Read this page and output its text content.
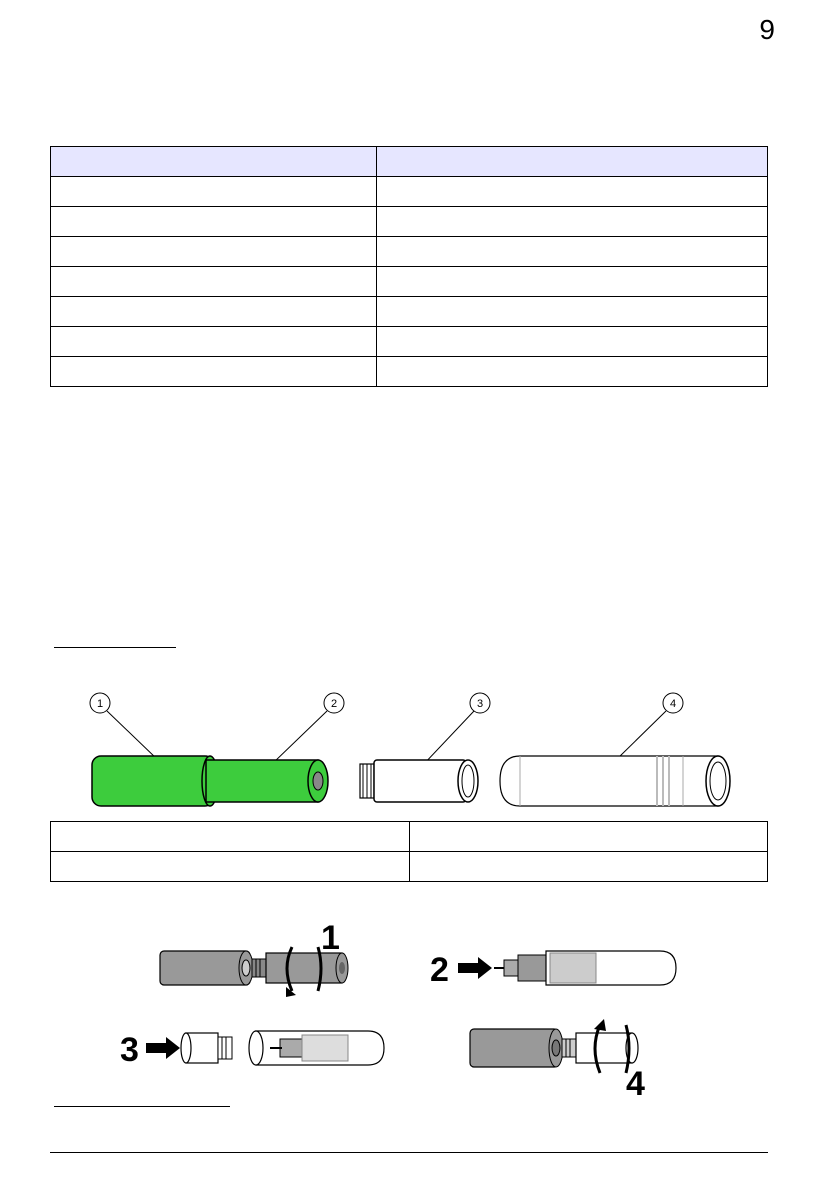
9

1	2	3	4

1
2
3
4
